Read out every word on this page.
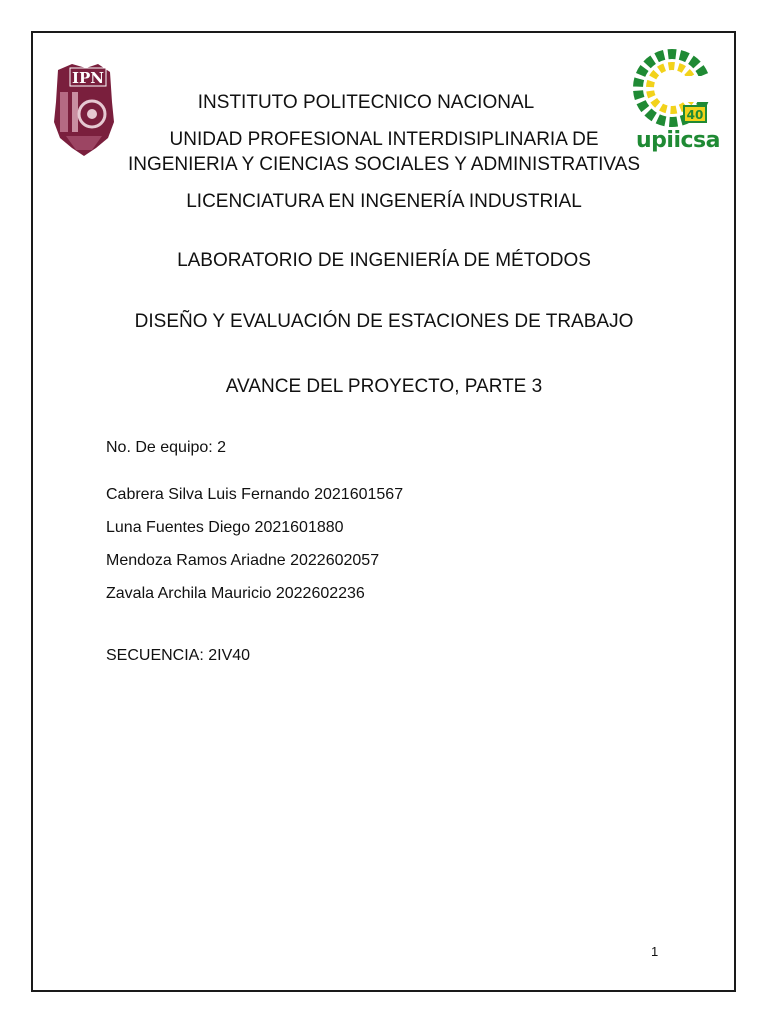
IPN
40
upiicsa
INSTITUTO POLITECNICO NACIONAL
UNIDAD PROFESIONAL INTERDISIPLINARIA DE
INGENIERIA Y CIENCIAS SOCIALES Y ADMINISTRATIVAS
LICENCIATURA EN INGENERÍA INDUSTRIAL
LABORATORIO DE INGENIERÍA DE MÉTODOS
DISEÑO Y EVALUACIÓN DE ESTACIONES DE TRABAJO
AVANCE DEL PROYECTO, PARTE 3
No. De equipo: 2
Cabrera Silva Luis Fernando 2021601567
Luna Fuentes Diego 2021601880
Mendoza Ramos Ariadne 2022602057
Zavala Archila Mauricio 2022602236
SECUENCIA: 2IV40
1
